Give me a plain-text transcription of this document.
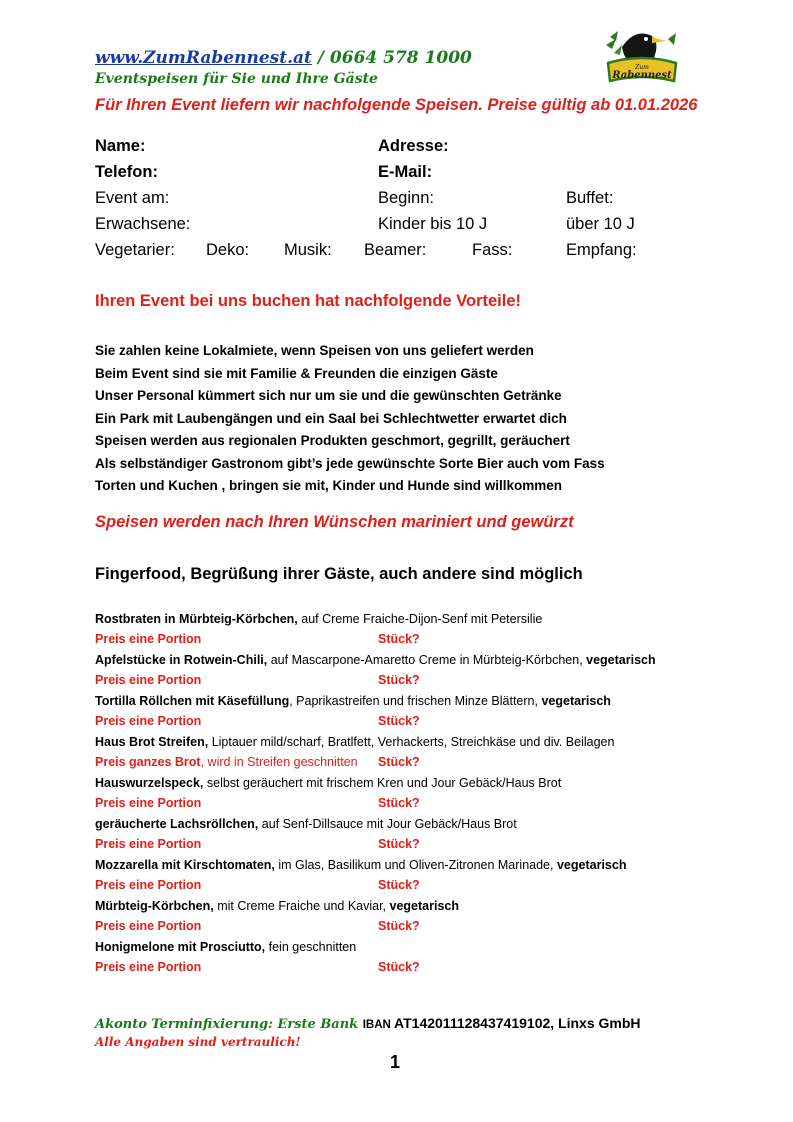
www.ZumRabennest.at / 0664 578 1000
Eventspeisen für Sie und Ihre Gäste
Zum
Rabennest
Für Ihren Event liefern wir nachfolgende Speisen. Preise gültig ab 01.01.2026
Name:	Adresse:
Telefon:	E-Mail:
Event am:	Beginn:	Buffet:
Erwachsene:	Kinder bis 10 J	über 10 J
Vegetarier: Deko: Musik: Beamer:	Fass:	Empfang:
Ihren Event bei uns buchen hat nachfolgende Vorteile!
Sie zahlen keine Lokalmiete, wenn Speisen von uns geliefert werden
Beim Event sind sie mit Familie & Freunden die einzigen Gäste
Unser Personal kümmert sich nur um sie und die gewünschten Getränke
Ein Park mit Laubengängen und ein Saal bei Schlechtwetter erwartet dich
Speisen werden aus regionalen Produkten geschmort, gegrillt, geräuchert
Als selbständiger Gastronom gibt’s jede gewünschte Sorte Bier auch vom Fass
Torten und Kuchen , bringen sie mit, Kinder und Hunde sind willkommen
Speisen werden nach Ihren Wünschen mariniert und gewürzt
Fingerfood, Begrüßung ihrer Gäste, auch andere sind möglich
Rostbraten in Mürbteig-Körbchen, auf Creme Fraiche-Dijon-Senf mit Petersilie
Preis eine Portion	Stück?
Apfelstücke in Rotwein-Chili, auf Mascarpone-Amaretto Creme in Mürbteig-Körbchen, vegetarisch
Preis eine Portion	Stück?
Tortilla Röllchen mit Käsefüllung, Paprikastreifen und frischen Minze Blättern, vegetarisch
Preis eine Portion	Stück?
Haus Brot Streifen, Liptauer mild/scharf, Bratlfett, Verhackerts, Streichkäse und div. Beilagen
Preis ganzes Brot, wird in Streifen geschnitten Stück?
Hauswurzelspeck, selbst geräuchert mit frischem Kren und Jour Gebäck/Haus Brot
Preis eine Portion	Stück?
geräucherte Lachsröllchen, auf Senf-Dillsauce mit Jour Gebäck/Haus Brot
Preis eine Portion	Stück?
Mozzarella mit Kirschtomaten, im Glas, Basilikum und Oliven-Zitronen Marinade, vegetarisch
Preis eine Portion	Stück?
Mürbteig-Körbchen, mit Creme Fraiche und Kaviar, vegetarisch
Preis eine Portion	Stück?
Honigmelone mit Prosciutto, fein geschnitten
Preis eine Portion	Stück?
Akonto Terminfixierung: Erste Bank IBAN AT142011128437419102, Linxs GmbH
Alle Angaben sind vertraulich!
1
